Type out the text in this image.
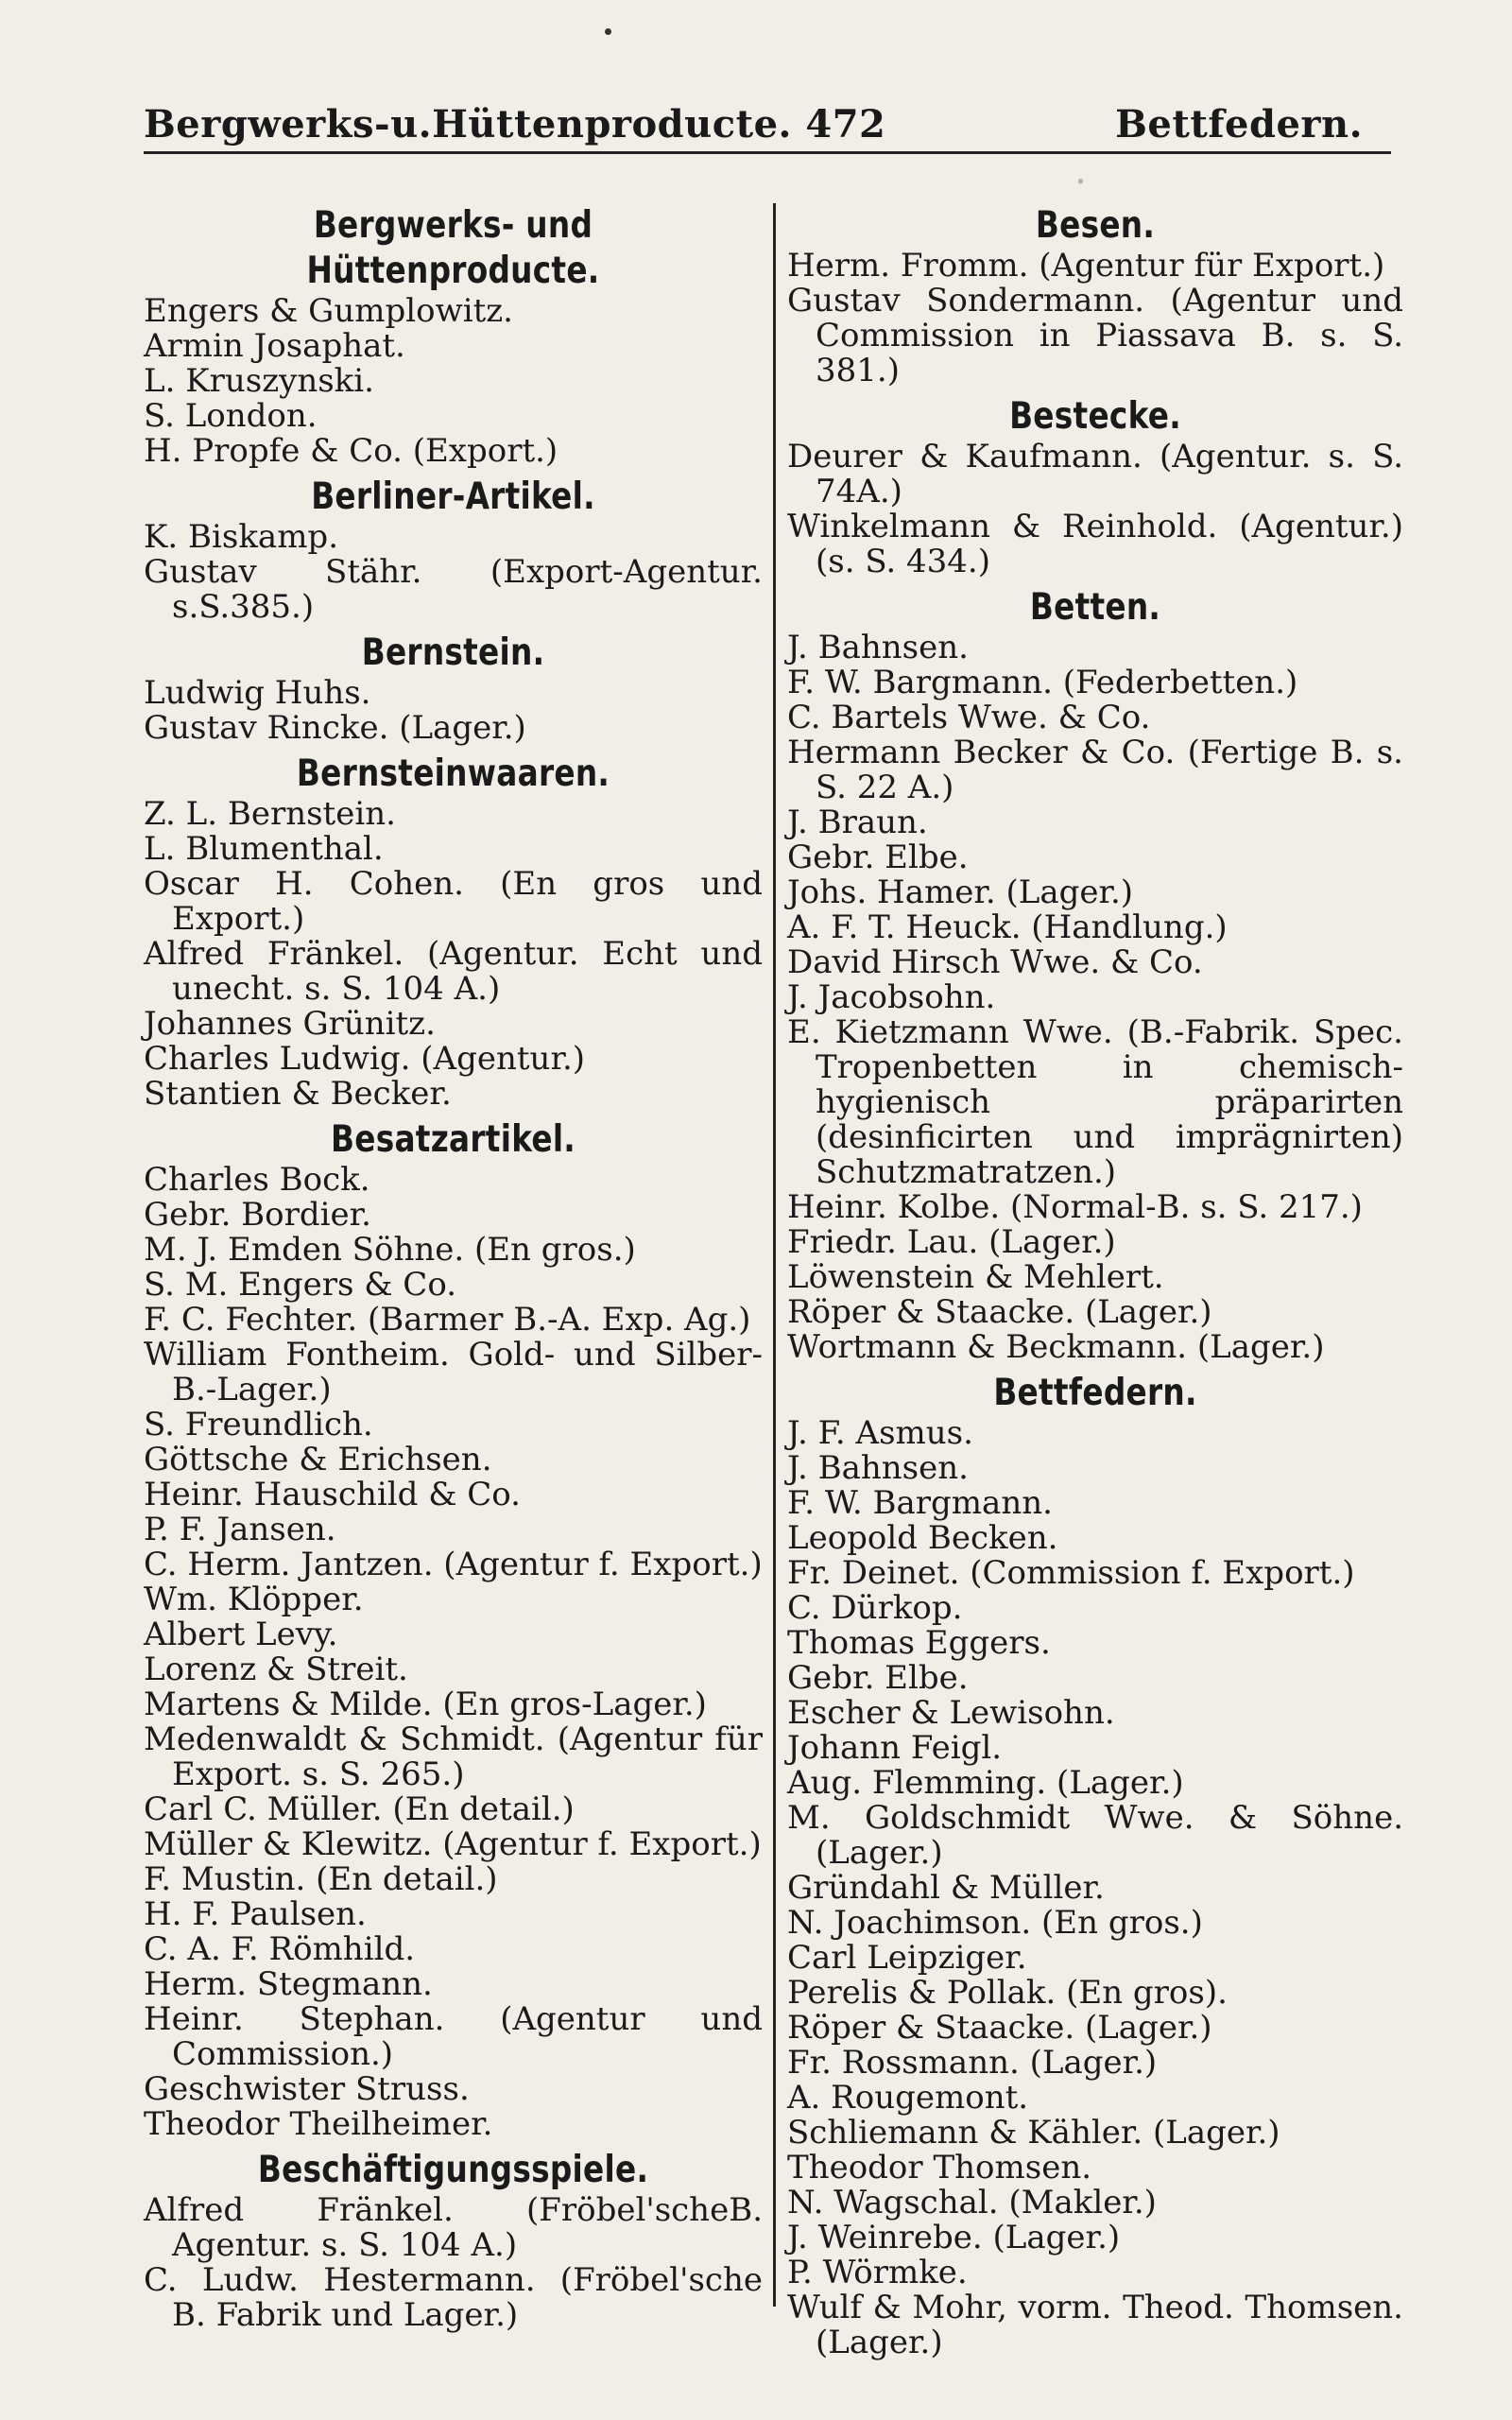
Bergwerks-u.Hüttenproducte. 472	Bettfedern.
᛫
Bergwerks- und Hüttenproducte.
Engers & Gumplowitz.
Armin Josaphat.
L. Kruszynski.
S. London.
H. Propfe & Co. (Export.)
Berliner-Artikel.
K. Biskamp.
Gustav Stähr. (Export-Agentur. s.S.385.)
Bernstein.
Ludwig Huhs.
Gustav Rincke. (Lager.)
Bernsteinwaaren.
Z. L. Bernstein.
L. Blumenthal.
Oscar H. Cohen. (En gros und Export.)
Alfred Fränkel. (Agentur. Echt und unecht. s. S. 104 A.)
Johannes Grünitz.
Charles Ludwig. (Agentur.)
Stantien & Becker.
Besatzartikel.
Charles Bock.
Gebr. Bordier.
M. J. Emden Söhne. (En gros.)
S. M. Engers & Co.
F. C. Fechter. (Barmer B.-A. Exp. Ag.)
William Fontheim. Gold- und Silber-B.-Lager.)
S. Freundlich.
Göttsche & Erichsen.
Heinr. Hauschild & Co.
P. F. Jansen.
C. Herm. Jantzen. (Agentur f. Export.)
Wm. Klöpper.
Albert Levy.
Lorenz & Streit.
Martens & Milde. (En gros-Lager.)
Medenwaldt & Schmidt. (Agentur für Export. s. S. 265.)
Carl C. Müller. (En detail.)
Müller & Klewitz. (Agentur f. Export.)
F. Mustin. (En detail.)
H. F. Paulsen.
C. A. F. Römhild.
Herm. Stegmann.
Heinr. Stephan. (Agentur und Commission.)
Geschwister Struss.
Theodor Theilheimer.
Beschäftigungsspiele.
Alfred Fränkel. (Fröbel'scheB. Agentur. s. S. 104 A.)
C. Ludw. Hestermann. (Fröbel'sche B. Fabrik und Lager.)
Besen.
Herm. Fromm. (Agentur für Export.)
Gustav Sondermann. (Agentur und Commission in Piassava B. s. S. 381.)
Bestecke.
Deurer & Kaufmann. (Agentur. s. S. 74A.)
Winkelmann & Reinhold. (Agentur.) (s. S. 434.)
Betten.
J. Bahnsen.
F. W. Bargmann. (Federbetten.)
C. Bartels Wwe. & Co.
Hermann Becker & Co. (Fertige B. s. S. 22 A.)
J. Braun.
Gebr. Elbe.
Johs. Hamer. (Lager.)
A. F. T. Heuck. (Handlung.)
David Hirsch Wwe. & Co.
J. Jacobsohn.
E. Kietzmann Wwe. (B.-Fabrik. Spec. Tropenbetten in chemisch-hygienisch präparirten (desinficirten und imprägnirten) Schutzmatratzen.)
Heinr. Kolbe. (Normal-B. s. S. 217.)
Friedr. Lau. (Lager.)
Löwenstein & Mehlert.
Röper & Staacke. (Lager.)
Wortmann & Beckmann. (Lager.)
Bettfedern.
J. F. Asmus.
J. Bahnsen.
F. W. Bargmann.
Leopold Becken.
Fr. Deinet. (Commission f. Export.)
C. Dürkop.
Thomas Eggers.
Gebr. Elbe.
Escher & Lewisohn.
Johann Feigl.
Aug. Flemming. (Lager.)
M. Goldschmidt Wwe. & Söhne. (Lager.)
Gründahl & Müller.
N. Joachimson. (En gros.)
Carl Leipziger.
Perelis & Pollak. (En gros).
Röper & Staacke. (Lager.)
Fr. Rossmann. (Lager.)
A. Rougemont.
Schliemann & Kähler. (Lager.)
Theodor Thomsen.
N. Wagschal. (Makler.)
J. Weinrebe. (Lager.)
P. Wörmke.
Wulf & Mohr, vorm. Theod. Thomsen. (Lager.)
